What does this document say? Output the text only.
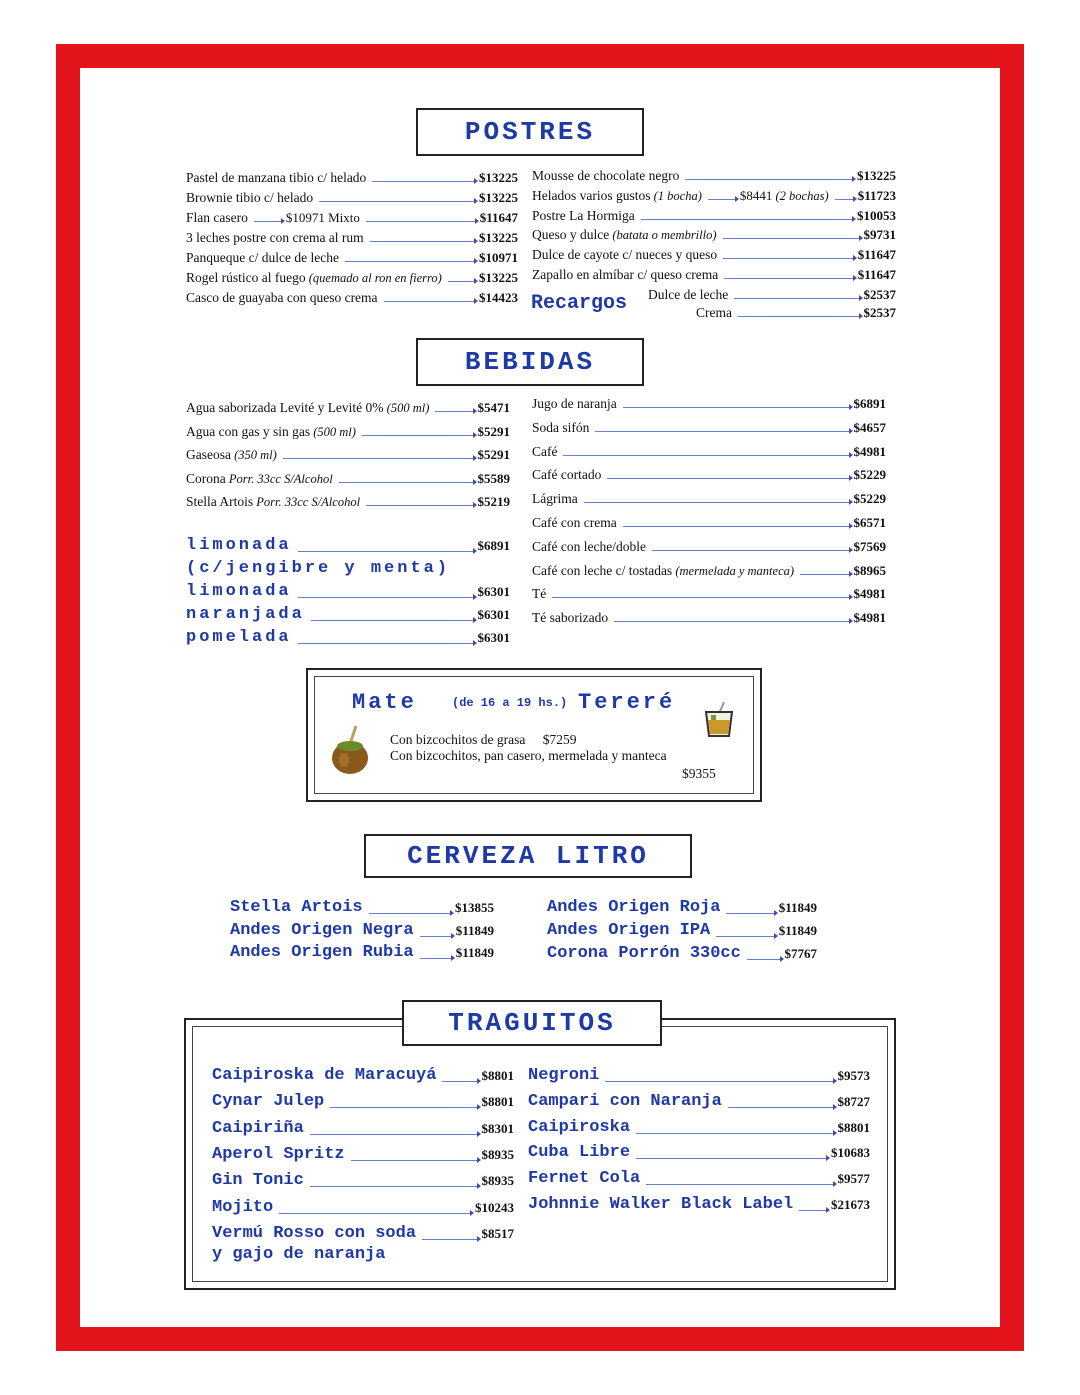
POSTRES
Pastel de manzana tibio c/ helado	$13225
Brownie tibio c/ helado	$13225
Flan casero	$10971 Mixto	$11647
3 leches postre con crema al rum	$13225
Panqueque c/ dulce de leche	$10971
Rogel rústico al fuego (quemado al ron en fierro)	$13225
Casco de guayaba con queso crema	$14423
Mousse de chocolate negro	$13225
Helados varios gustos (1 bocha)	$8441 (2 bochas) $11723
Postre La Hormiga	$10053
Queso y dulce (batata o membrillo)	$9731
Dulce de cayote c/ nueces y queso	$11647
Zapallo en almíbar c/ queso crema	$11647
Recargos Dulce de leche	$2537
Crema	$2537
BEBIDAS
Agua saborizada Levité y Levité 0% (500 ml)	$5471
Agua con gas y sin gas (500 ml)	$5291
Gaseosa (350 ml)	$5291
Corona Porr. 33cc S/Alcohol	$5589
Stella Artois Porr. 33cc S/Alcohol	$5219
limonada	$6891
(c/jengibre y menta)
limonada	$6301
naranjada	$6301
pomelada	$6301
Jugo de naranja	$6891
Soda sifón	$4657
Café	$4981
Café cortado	$5229
Lágrima	$5229
Café con crema	$6571
Café con leche/doble	$7569
Café con leche c/ tostadas (mermelada y manteca)	$8965
Té	$4981
Té saborizado	$4981
Mate	(de 16 a 19 hs.) Tereré
Con bizcochitos de grasa $7259
Con bizcochitos, pan casero, mermelada y manteca
$9355
CERVEZA LITRO
Stella Artois	$13855
Andes Origen Negra	$11849
Andes Origen Rubia	$11849
Andes Origen Roja	$11849
Andes Origen IPA	$11849
Corona Porrón 330cc	$7767
TRAGUITOS
Caipiroska de Maracuyá	$8801
Cynar Julep	$8801
Caipiriña	$8301
Aperol Spritz	$8935
Gin Tonic	$8935
Mojito	$10243
Vermú Rosso con soda	$8517
y gajo de naranja
Negroni	$9573
Campari con Naranja	$8727
Caipiroska	$8801
Cuba Libre	$10683
Fernet Cola	$9577
Johnnie Walker Black Label	$21673
